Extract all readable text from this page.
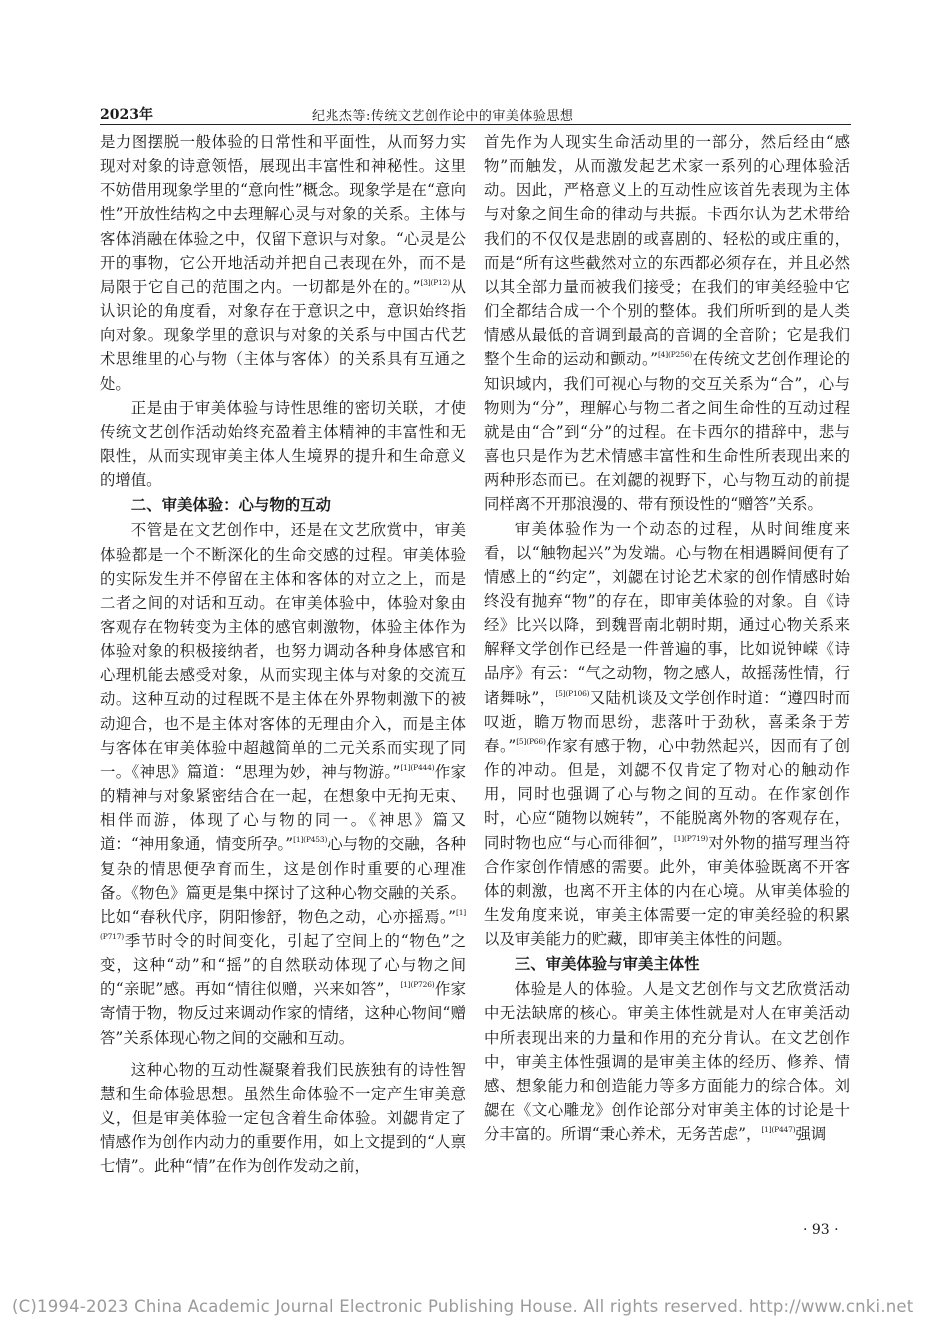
2023年	纪兆杰等:传统文艺创作论中的审美体验思想

是力图摆脱一般体验的日常性和平面性，从而努力实现对对象的诗意领悟，展现出丰富性和神秘性。这里不妨借用现象学里的“意向性”概念。现象学是在“意向性”开放性结构之中去理解心灵与对象的关系。主体与客体消融在体验之中，仅留下意识与对象。“心灵是公开的事物，它公开地活动并把自己表现在外，而不是局限于它自己的范围之内。一切都是外在的。”$^{[3](P12)}$从认识论的角度看，对象存在于意识之中，意识始终指向对象。现象学里的意识与对象的关系与中国古代艺术思维里的心与物（主体与客体）的关系具有互通之处。

正是由于审美体验与诗性思维的密切关联，才使传统文艺创作活动始终充盈着主体精神的丰富性和无限性，从而实现审美主体人生境界的提升和生命意义的增值。

二、审美体验：心与物的互动

不管是在文艺创作中，还是在文艺欣赏中，审美体验都是一个不断深化的生命交感的过程。审美体验的实际发生并不停留在主体和客体的对立之上，而是二者之间的对话和互动。在审美体验中，体验对象由客观存在物转变为主体的感官刺激物，体验主体作为体验对象的积极接纳者，也努力调动各种身体感官和心理机能去感受对象，从而实现主体与对象的交流互动。这种互动的过程既不是主体在外界物刺激下的被动迎合，也不是主体对客体的无理由介入，而是主体与客体在审美体验中超越简单的二元关系而实现了同一。《神思》篇道：“思理为妙，神与物游。”$^{[1](P444)}$作家的精神与对象紧密结合在一起，在想象中无拘无束、相伴而游，体现了心与物的同一。《神思》篇又道：“神用象通，情变所孕。”$^{[1](P453)}$心与物的交融，各种复杂的情思便孕育而生，这是创作时重要的心理准备。《物色》篇更是集中探讨了这种心物交融的关系。比如“春秋代序，阴阳惨舒，物色之动，心亦摇焉。”$^{[1](P717)}$季节时令的时间变化，引起了空间上的“物色”之变，这种“动”和“摇”的自然联动体现了心与物之间的“亲昵”感。再如“情往似赠，兴来如答”，$^{[1](P726)}$作家寄情于物，物反过来调动作家的情绪，这种心物间“赠答”关系体现心物之间的交融和互动。

这种心物的互动性凝聚着我们民族独有的诗性智慧和生命体验思想。虽然生命体验不一定产生审美意义，但是审美体验一定包含着生命体验。刘勰肯定了情感作为创作内动力的重要作用，如上文提到的“人禀七情”。此种“情”在作为创作发动之前，

首先作为人现实生命活动里的一部分，然后经由“感物”而触发，从而激发起艺术家一系列的心理体验活动。因此，严格意义上的互动性应该首先表现为主体与对象之间生命的律动与共振。卡西尔认为艺术带给我们的不仅仅是悲剧的或喜剧的、轻松的或庄重的，而是“所有这些截然对立的东西都必须存在，并且必然以其全部力量而被我们接受；在我们的审美经验中它们全都结合成一个个别的整体。我们所听到的是人类情感从最低的音调到最高的音调的全音阶；它是我们整个生命的运动和颤动。”$^{[4](P256)}$在传统文艺创作理论的知识域内，我们可视心与物的交互关系为“合”，心与物则为“分”，理解心与物二者之间生命性的互动过程就是由“合”到“分”的过程。在卡西尔的措辞中，悲与喜也只是作为艺术情感丰富性和生命性所表现出来的两种形态而已。在刘勰的视野下，心与物互动的前提同样离不开那浪漫的、带有预设性的“赠答”关系。

审美体验作为一个动态的过程，从时间维度来看，以“触物起兴”为发端。心与物在相遇瞬间便有了情感上的“约定”，刘勰在讨论艺术家的创作情感时始终没有抛弃“物”的存在，即审美体验的对象。自《诗经》比兴以降，到魏晋南北朝时期，通过心物关系来解释文学创作已经是一件普遍的事，比如说钟嵘《诗品序》有云：“气之动物，物之感人，故摇荡性情，行诸舞咏”，$^{[5](P106)}$又陆机谈及文学创作时道：“遵四时而叹逝，瞻万物而思纷，悲落叶于劲秋，喜柔条于芳春。”$^{[5](P66)}$作家有感于物，心中勃然起兴，因而有了创作的冲动。但是，刘勰不仅肯定了物对心的触动作用，同时也强调了心与物之间的互动。在作家创作时，心应“随物以婉转”，不能脱离外物的客观存在，同时物也应“与心而徘徊”，$^{[1](P719)}$对外物的描写理当符合作家创作情感的需要。此外，审美体验既离不开客体的刺激，也离不开主体的内在心境。从审美体验的生发角度来说，审美主体需要一定的审美经验的积累以及审美能力的贮藏，即审美主体性的问题。

三、审美体验与审美主体性

体验是人的体验。人是文艺创作与文艺欣赏活动中无法缺席的核心。审美主体性就是对人在审美活动中所表现出来的力量和作用的充分肯认。在文艺创作中，审美主体性强调的是审美主体的经历、修养、情感、想象能力和创造能力等多方面能力的综合体。刘勰在《文心雕龙》创作论部分对审美主体的讨论是十分丰富的。所谓“秉心养术，无务苦虑”，$^{[1](P447)}$强调

· 93 ·
(C)1994-2023 China Academic Journal Electronic Publishing House. All rights reserved. http://www.cnki.net
